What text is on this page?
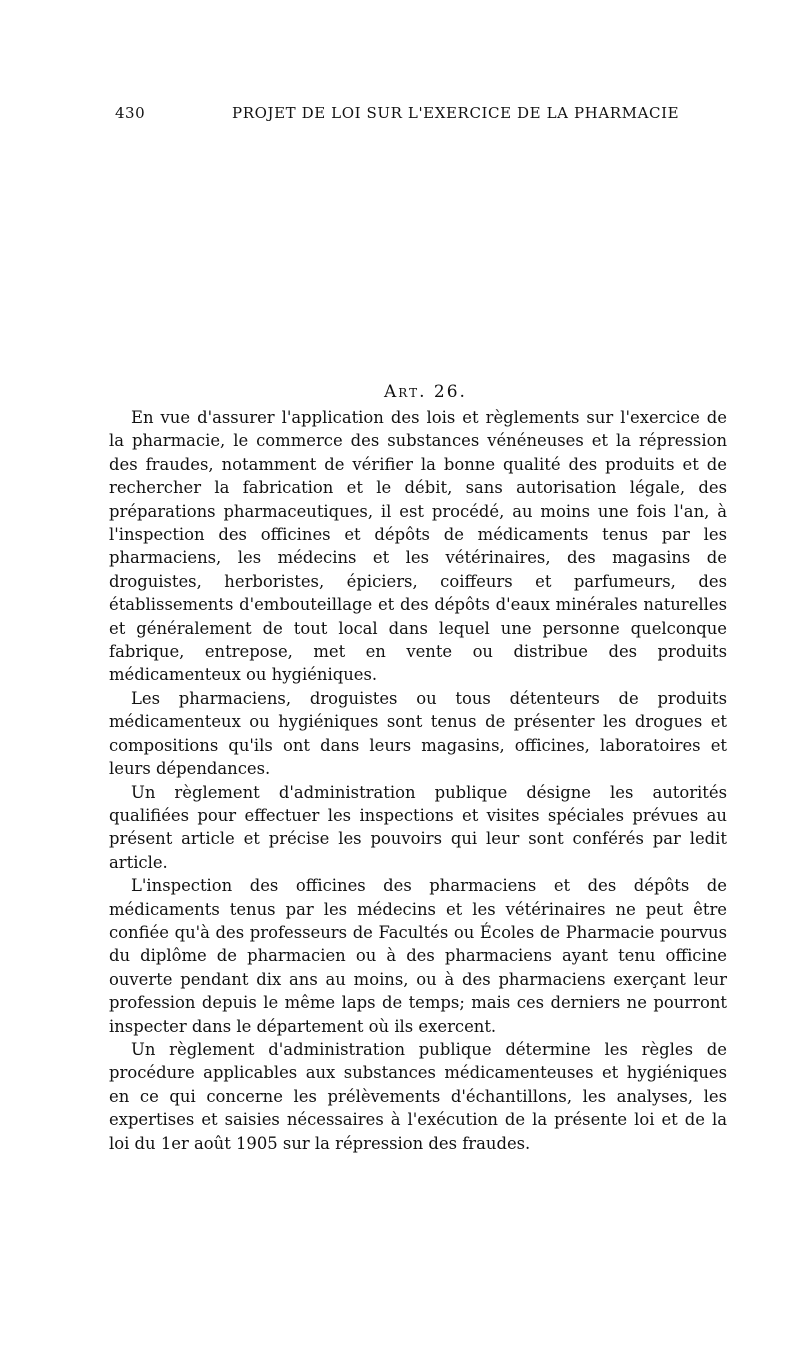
430	PROJET DE LOI SUR L'EXERCICE DE LA PHARMACIE
Art. 26.

En vue d'assurer l'application des lois et règlements sur l'exercice de la pharmacie, le commerce des substances vénéneuses et la répression des fraudes, notamment de vérifier la bonne qualité des produits et de rechercher la fabrication et le débit, sans autorisation légale, des préparations pharmaceutiques, il est procédé, au moins une fois l'an, à l'inspection des officines et dépôts de médicaments tenus par les pharmaciens, les médecins et les vétérinaires, des magasins de droguistes, herboristes, épiciers, coiffeurs et parfumeurs, des établissements d'embouteillage et des dépôts d'eaux minérales naturelles et généralement de tout local dans lequel une personne quelconque fabrique, entrepose, met en vente ou distribue des produits médicamenteux ou hygiéniques.

Les pharmaciens, droguistes ou tous détenteurs de produits médicamenteux ou hygiéniques sont tenus de présenter les drogues et compositions qu'ils ont dans leurs magasins, officines, laboratoires et leurs dépendances.

Un règlement d'administration publique désigne les autorités qualifiées pour effectuer les inspections et visites spéciales prévues au présent article et précise les pouvoirs qui leur sont conférés par ledit article.

L'inspection des officines des pharmaciens et des dépôts de médicaments tenus par les médecins et les vétérinaires ne peut être confiée qu'à des professeurs de Facultés ou Écoles de Pharmacie pourvus du diplôme de pharmacien ou à des pharmaciens ayant tenu officine ouverte pendant dix ans au moins, ou à des pharmaciens exerçant leur profession depuis le même laps de temps; mais ces derniers ne pourront inspecter dans le département où ils exercent.

Un règlement d'administration publique détermine les règles de procédure applicables aux substances médicamenteuses et hygiéniques en ce qui concerne les prélèvements d'échantillons, les analyses, les expertises et saisies nécessaires à l'exécution de la présente loi et de la loi du 1er août 1905 sur la répression des fraudes.
